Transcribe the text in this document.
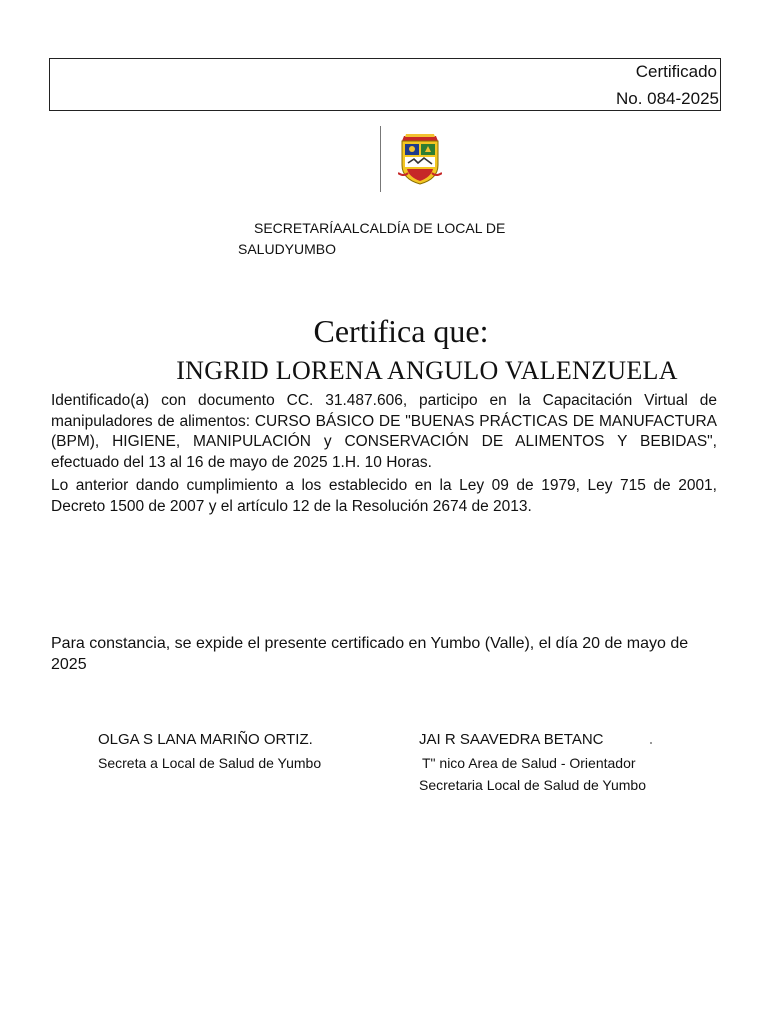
Certificado
No. 084-2025
SECRETARÍAALCALDÍA DE LOCAL DE
SALUDYUMBO
Certifica que:
INGRID LORENA ANGULO VALENZUELA
Identificado(a) con documento CC. 31.487.606, participo en la Capacitación Virtual de manipuladores de alimentos: CURSO BÁSICO DE "BUENAS PRÁCTICAS DE MANUFACTURA (BPM), HIGIENE, MANIPULACIÓN y CONSERVACIÓN DE ALIMENTOS Y BEBIDAS", efectuado del 13 al 16 de mayo de 2025 1.H. 10 Horas.
Lo anterior dando cumplimiento a los establecido en la Ley 09 de 1979, Ley 715 de 2001, Decreto 1500 de 2007 y el artículo 12 de la Resolución 2674 de 2013.
Para constancia, se expide el presente certificado en Yumbo (Valle), el día 20 de mayo de 2025
OLGA S LANA MARIÑO ORTIZ.
Secreta a Local de Salud de Yumbo
JAI R SAAVEDRA BETANC
T" nico Area de Salud - Orientador
Secretaria Local de Salud de Yumbo
